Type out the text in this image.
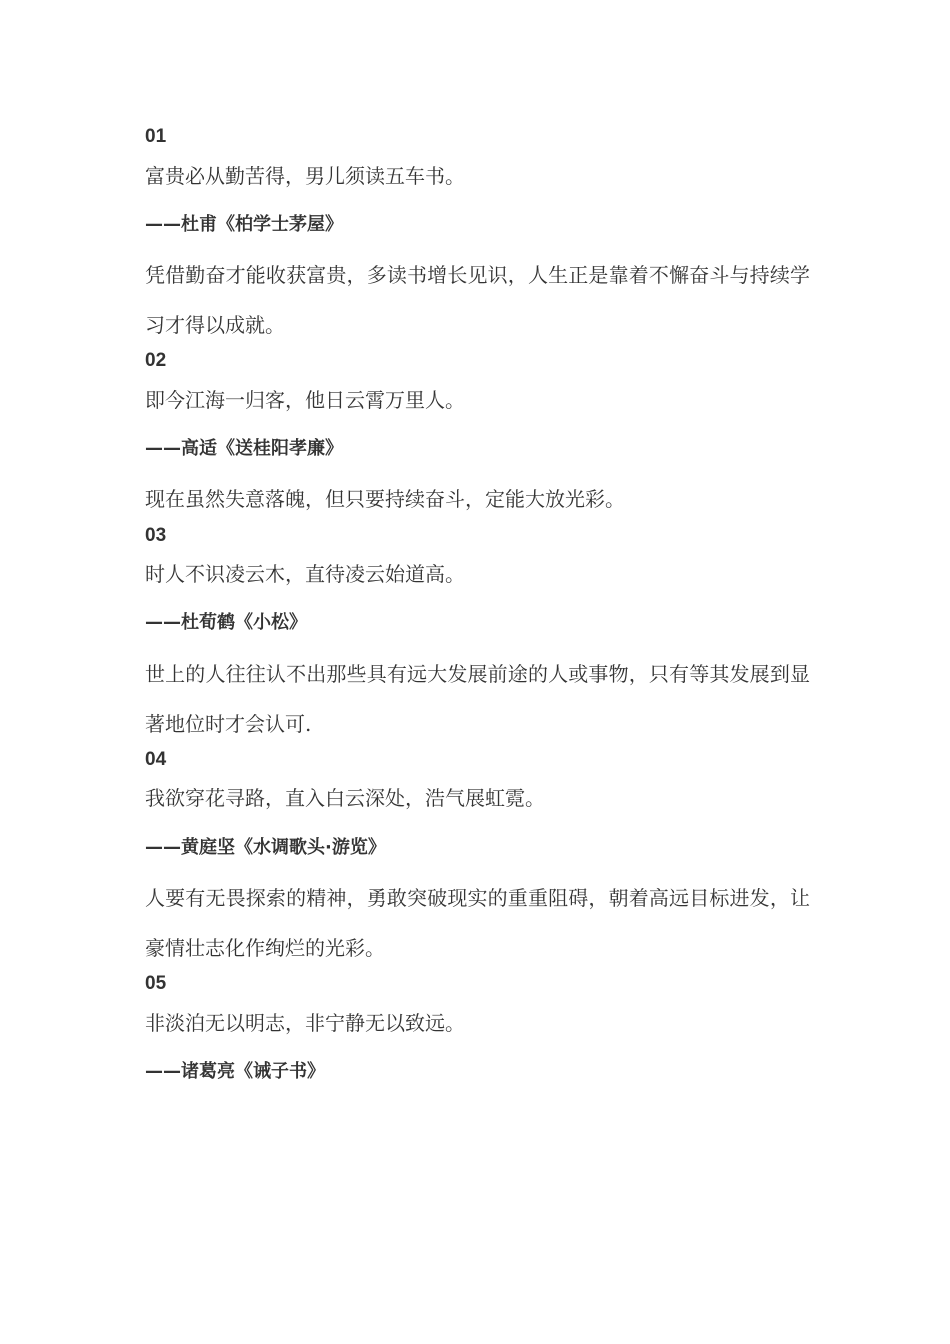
01
富贵必从勤苦得，男儿须读五车书。
——杜甫《柏学士茅屋》
凭借勤奋才能收获富贵，多读书增长见识，人生正是靠着不懈奋斗与持续学习才得以成就。
02
即今江海一归客，他日云霄万里人。
——高适《送桂阳孝廉》
现在虽然失意落魄，但只要持续奋斗，定能大放光彩。
03
时人不识凌云木，直待凌云始道高。
——杜荀鹤《小松》
世上的人往往认不出那些具有远大发展前途的人或事物，只有等其发展到显著地位时才会认可.
04
我欲穿花寻路，直入白云深处，浩气展虹霓。
——黄庭坚《水调歌头·游览》
人要有无畏探索的精神，勇敢突破现实的重重阻碍，朝着高远目标进发，让豪情壮志化作绚烂的光彩。
05
非淡泊无以明志，非宁静无以致远。
——诸葛亮《诫子书》
